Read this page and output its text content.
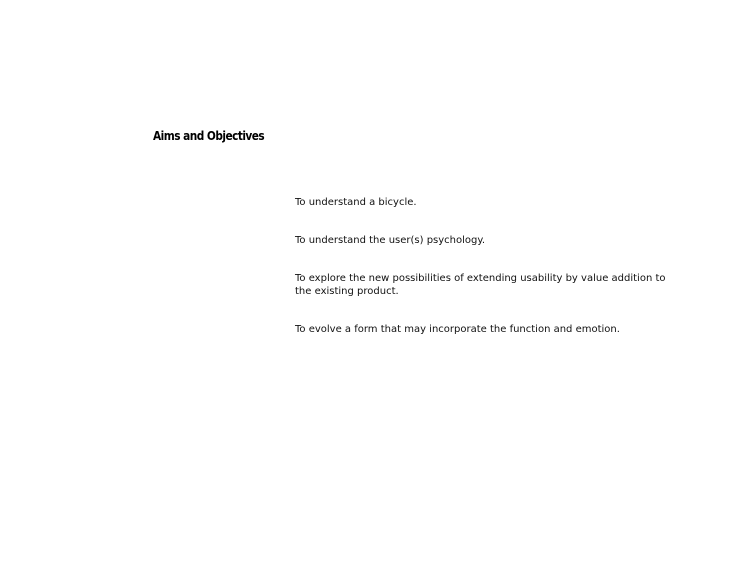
Aims and Objectives
To understand a bicycle.
To understand the user(s) psychology.
To explore the new possibilities of extending usability by value addition to the existing product.
To evolve a form that may incorporate the function and emotion.
